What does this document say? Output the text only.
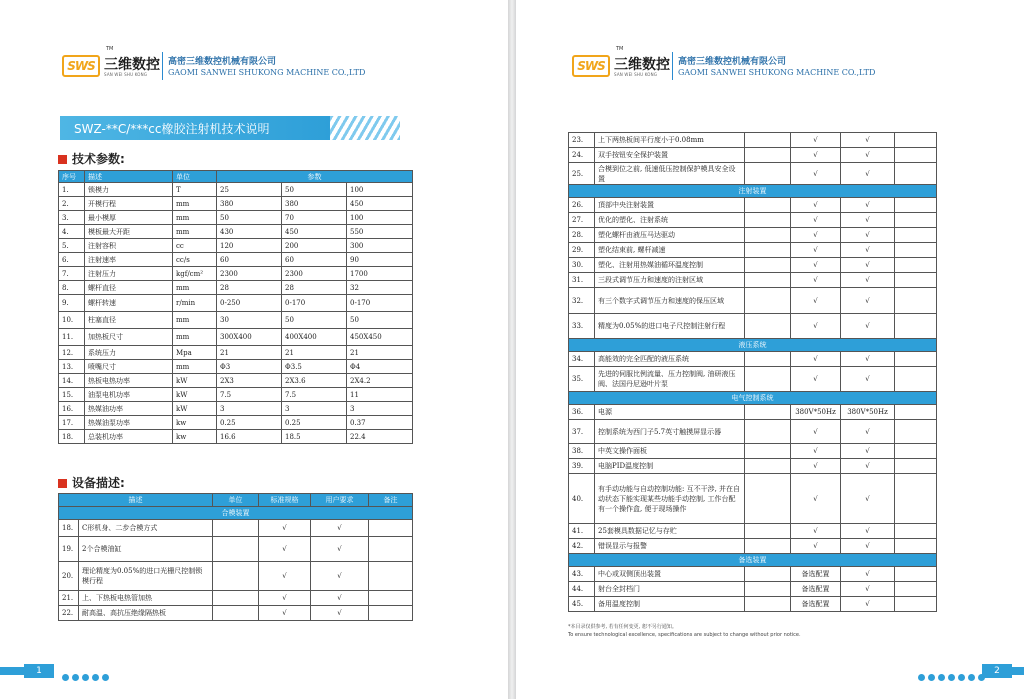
SWS 三维数控
TM
SAN WEI SHU KONG
高密三维数控机械有限公司
GAOMI SANWEI SHUKONG MACHINE CO.,LTD
SWZ-**C/***cc橡胶注射机技术说明
技术参数:
序号	描述	单位	参数		
1.	锁模力	T	25	50	100
2.	开模行程	mm	380	380	450
3.	最小模厚	mm	50	70	100
4.	模板最大开距	mm	430	450	550
5.	注射容积	cc	120	200	300
6.	注射速率	cc/s	60	60	90
7.	注射压力	kgf/cm²	2300	2300	1700
8.	螺杆直径	mm	28	28	32
9.	螺杆转速	r/min	0-250	0-170	0-170
10.	柱塞直径	mm	30	50	50
11.	加热板尺寸	mm	300X400	400X400	450X450
12.	系统压力	Mpa	21	21	21
13.	喷嘴尺寸	mm	Φ3	Φ3.5	Φ4
14.	热板电热功率	kW	2X3	2X3.6	2X4.2
15.	油泵电机功率	kW	7.5	7.5	11
16.	热媒油功率	kW	3	3	3
17.	热媒油泵功率	kw	0.25	0.25	0.37
18.	总装机功率	kw	16.6	18.5	22.4
设备描述:
描述		单位	标准规格	用户要求	备注
合模装置					
18.	C形机身、二步合模方式		√	√	
19.	2个合模油缸		√	√	
20.	理论精度为0.05%的进口光栅尺控制锁模行程		√	√	
21.	上、下热板电热管加热		√	√	
22.	耐高温、高抗压绝缘隔热板		√	√	
1
SWS 三维数控
TM
SAN WEI SHU KONG
高密三维数控机械有限公司
GAOMI SANWEI SHUKONG MACHINE CO.,LTD
2
23.	上下两热板间平行度小于0.08mm		√	√	
24.	双手按钮安全保护装置		√	√	
25.	合模到位之前, 低速低压控制保护模具安全设置		√	√	
注射装置					
26.	頂部中央注射装置		√	√	
27.	优化的塑化、注射系统		√	√	
28.	塑化螺杆由液压马达驱动		√	√	
29.	塑化结束前, 螺杆减速		√	√	
30.	塑化、注射用热媒油循环温度控制		√	√	
31.	三段式调节压力和速度的注射区域		√	√	
32.	有三个数字式调节压力和速度的保压区域		√	√	
33.	精度为0.05%的进口电子尺控制注射行程		√	√	
液压系统					
34.	高能效的完全匹配的液压系统		√	√	
35.	先进的伺服比例流量、压力控制阀, 油研液压阀、法国丹尼逊叶片泵		√	√	
电气控制系统					
36.	电源		380V*50Hz	380V*50Hz	
37.	控制系统为西门子5.7英寸触摸屏显示器		√	√	
38.	中英文操作面板		√	√	
39.	电脑PID温度控制		√	√	
40.	有手动功能与自动控制功能: 互不干涉, 并在自动状态下能实现某些功能手动控制, 工作台配有一个操作盒, 便于现场操作		√	√	
41.	25套模具数据记忆与存贮		√	√	
42.	错误显示与报警		√	√	
备选装置					
43.	中心或双侧顶出装置		备选配置	√	
44.	射台全封档门		备选配置	√	
45.	备用温度控制		备选配置	√	
*本目录仅供参考, 若有任何变更, 恕不另行通知。
To ensure technological excellence, specifications are subject to change without prior notice.
